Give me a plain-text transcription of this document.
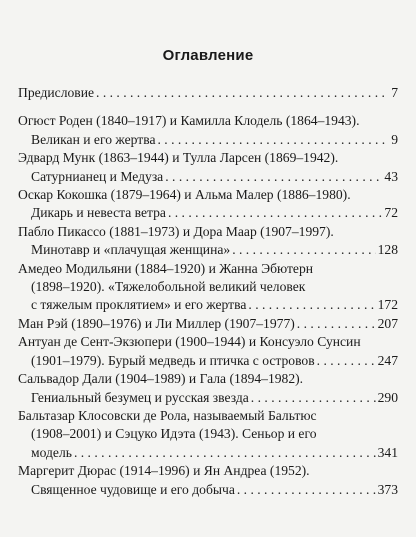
Оглавление
Предисловие . . .	7
Огюст Роден (1840–1917) и Камилла Клодель (1864–1943).
Великан и его жертва . . .	9
Эдвард Мунк (1863–1944) и Тулла Ларсен (1869–1942).
Сатурнианец и Медуза . . .	43
Оскар Кокошка (1879–1964) и Альма Малер (1886–1980).
Дикарь и невеста ветра . . .	72
Пабло Пикассо (1881–1973) и Дора Маар (1907–1997).
Минотавр и «плачущая женщина» . . .	128
Амедео Модильяни (1884–1920) и Жанна Эбютерн
(1898–1920). «Тяжелобольной великий человек
с тяжелым проклятием» и его жертва . . .	172
Ман Рэй (1890–1976) и Ли Миллер (1907–1977) . . .	207
Антуан де Сент-Экзюпери (1900–1944) и Консуэло Сунсин
(1901–1979). Бурый медведь и птичка с островов . . .	247
Сальвадор Дали (1904–1989) и Гала (1894–1982).
Гениальный безумец и русская звезда . . .	290
Бальтазар Клосовски де Рола, называемый Бальтюс
(1908–2001) и Сэцуко Идэта (1943). Сеньор и его
модель . . .	341
Маргерит Дюрас (1914–1996) и Ян Андреа (1952).
Священное чудовище и его добыча . . .	373
